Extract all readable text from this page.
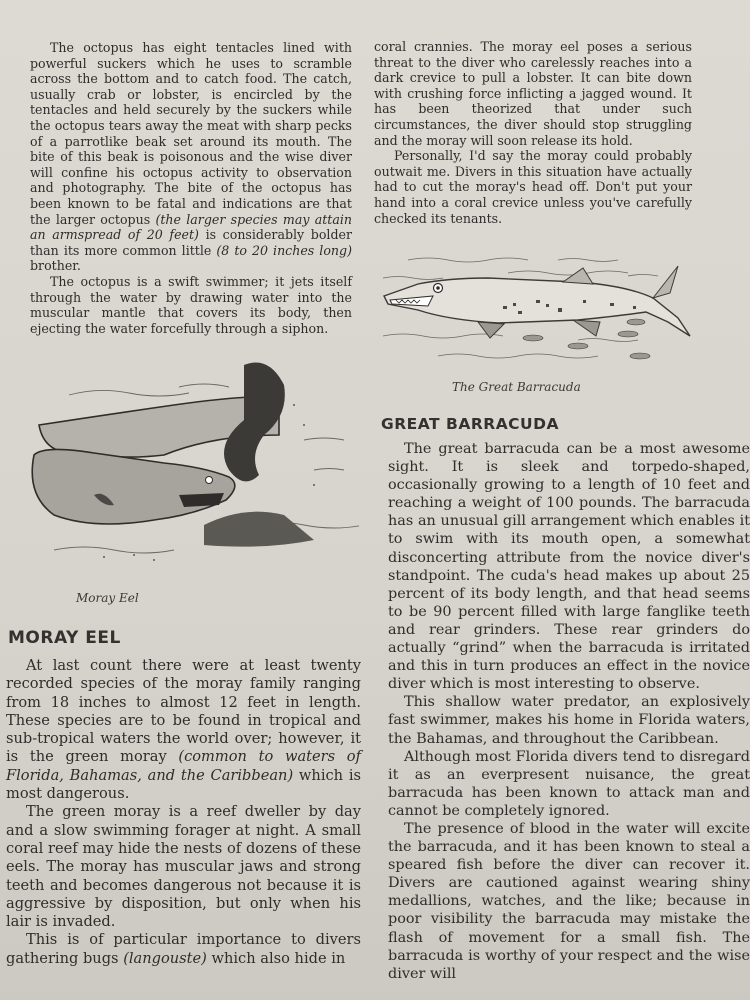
The octopus has eight tentacles lined with powerful suckers which he uses to scramble across the bottom and to catch food. The catch, usually crab or lobster, is encircled by the tentacles and held securely by the suckers while the octopus tears away the meat with sharp pecks of a parrotlike beak set around its mouth. The bite of this beak is poisonous and the wise diver will confine his octopus activity to observation and photography. The bite of the octopus has been known to be fatal and indications are that the larger octopus (the larger species may attain an armspread of 20 feet) is considerably bolder than its more common little (8 to 20 inches long) brother.

The octopus is a swift swimmer; it jets itself through the water by drawing water into the muscular mantle that covers its body, then ejecting the water forcefully through a siphon.

coral crannies. The moray eel poses a serious threat to the diver who carelessly reaches into a dark crevice to pull a lobster. It can bite down with crushing force inflicting a jagged wound. It has been theorized that under such circumstances, the diver should stop struggling and the moray will soon release its hold.

Personally, I'd say the moray could probably outwait me. Divers in this situation have actually had to cut the moray's head off. Don't put your hand into a coral crevice unless you've carefully checked its tenants.

The Great Barracuda
GREAT BARRACUDA

The great barracuda can be a most awesome sight. It is sleek and torpedo-shaped, occasionally growing to a length of 10 feet and reaching a weight of 100 pounds. The barracuda has an unusual gill arrangement which enables it to swim with its mouth open, a somewhat disconcerting attribute from the novice diver's standpoint. The cuda's head makes up about 25 percent of its body length, and that head seems to be 90 percent filled with large fanglike teeth and rear grinders. These rear grinders do actually “grind” when the barracuda is irritated and this in turn produces an effect in the novice diver which is most interesting to observe.

This shallow water predator, an explosively fast swimmer, makes his home in Florida waters, the Bahamas, and throughout the Caribbean.

Although most Florida divers tend to disregard it as an everpresent nuisance, the great barracuda has been known to attack man and cannot be completely ignored.

The presence of blood in the water will excite the barracuda, and it has been known to steal a speared fish before the diver can recover it. Divers are cautioned against wearing shiny medallions, watches, and the like; because in poor visibility the barracuda may mistake the flash of movement for a small fish. The barracuda is worthy of your respect and the wise diver will

Moray Eel
MORAY EEL

At last count there were at least twenty recorded species of the moray family ranging from 18 inches to almost 12 feet in length. These species are to be found in tropical and sub-tropical waters the world over; however, it is the green moray (common to waters of Florida, Bahamas, and the Caribbean) which is most dangerous.

The green moray is a reef dweller by day and a slow swimming forager at night. A small coral reef may hide the nests of dozens of these eels. The moray has muscular jaws and strong teeth and becomes dangerous not because it is aggressive by disposition, but only when his lair is invaded.

This is of particular importance to divers gathering bugs (langouste) which also hide in
